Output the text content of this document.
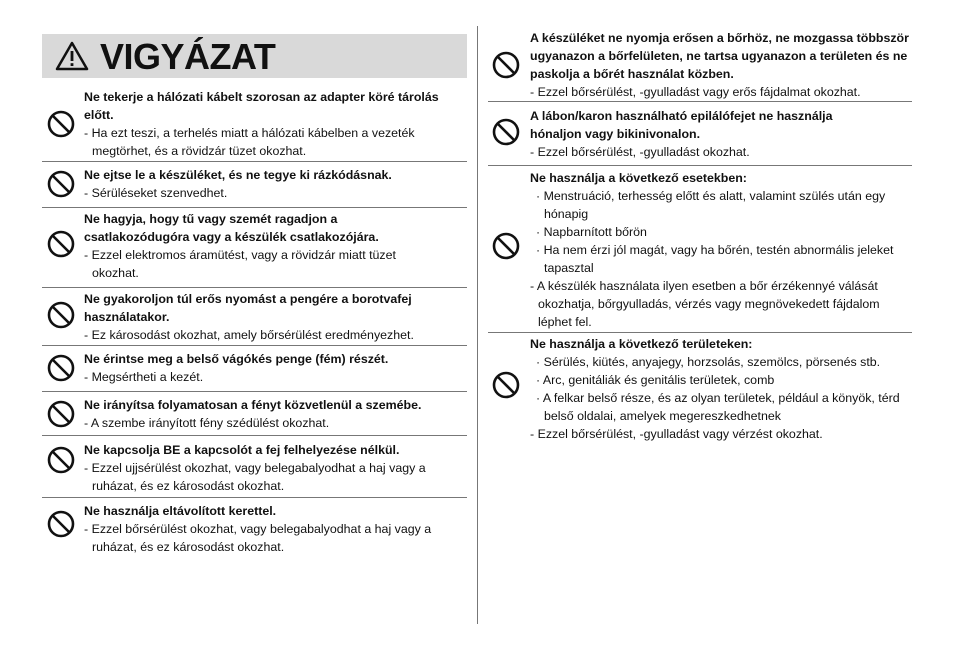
VIGYÁZAT
Ne tekerje a hálózati kábelt szorosan az adapter köré tárolás előtt.
- Ha ezt teszi, a terhelés miatt a hálózati kábelben a vezeték megtörhet, és a rövidzár tüzet okozhat.
Ne ejtse le a készüléket, és ne tegye ki rázkódásnak.
- Sérüléseket szenvedhet.
Ne hagyja, hogy tű vagy szemét ragadjon a csatlakozódugóra vagy a készülék csatlakozójára.
- Ezzel elektromos áramütést, vagy a rövidzár miatt tüzet okozhat.
Ne gyakoroljon túl erős nyomást a pengére a borotvafej használatakor.
- Ez károsodást okozhat, amely bőrsérülést eredményezhet.
Ne érintse meg a belső vágókés penge (fém) részét.
- Megsértheti a kezét.
Ne irányítsa folyamatosan a fényt közvetlenül a szemébe.
- A szembe irányított fény szédülést okozhat.
Ne kapcsolja BE a kapcsolót a fej felhelyezése nélkül.
- Ezzel ujjsérülést okozhat, vagy belegabalyodhat a haj vagy a ruházat, és ez károsodást okozhat.
Ne használja eltávolított kerettel.
- Ezzel bőrsérülést okozhat, vagy belegabalyodhat a haj vagy a ruházat, és ez károsodást okozhat.
A készüléket ne nyomja erősen a bőrhöz, ne mozgassa többször ugyanazon a bőrfelületen, ne tartsa ugyanazon a területen és ne paskolja a bőrét használat közben.
- Ezzel bőrsérülést, -gyulladást vagy erős fájdalmat okozhat.
A lábon/karon használható epilálófejet ne használja hónaljon vagy bikinivonalon.
- Ezzel bőrsérülést, -gyulladást okozhat.
Ne használja a következő esetekben:
· Menstruáció, terhesség előtt és alatt, valamint szülés után egy hónapig
· Napbarnított bőrön
· Ha nem érzi jól magát, vagy ha bőrén, testén abnormális jeleket tapasztal
- A készülék használata ilyen esetben a bőr érzékennyé válását okozhatja, bőrgyulladás, vérzés vagy megnövekedett fájdalom léphet fel.
Ne használja a következő területeken:
· Sérülés, kiütés, anyajegy, horzsolás, szemölcs, pörsenés stb.
· Arc, genitáliák és genitális területek, comb
· A felkar belső része, és az olyan területek, például a könyök, térd belső oldalai, amelyek megereszkedhetnek
- Ezzel bőrsérülést, -gyulladást vagy vérzést okozhat.
